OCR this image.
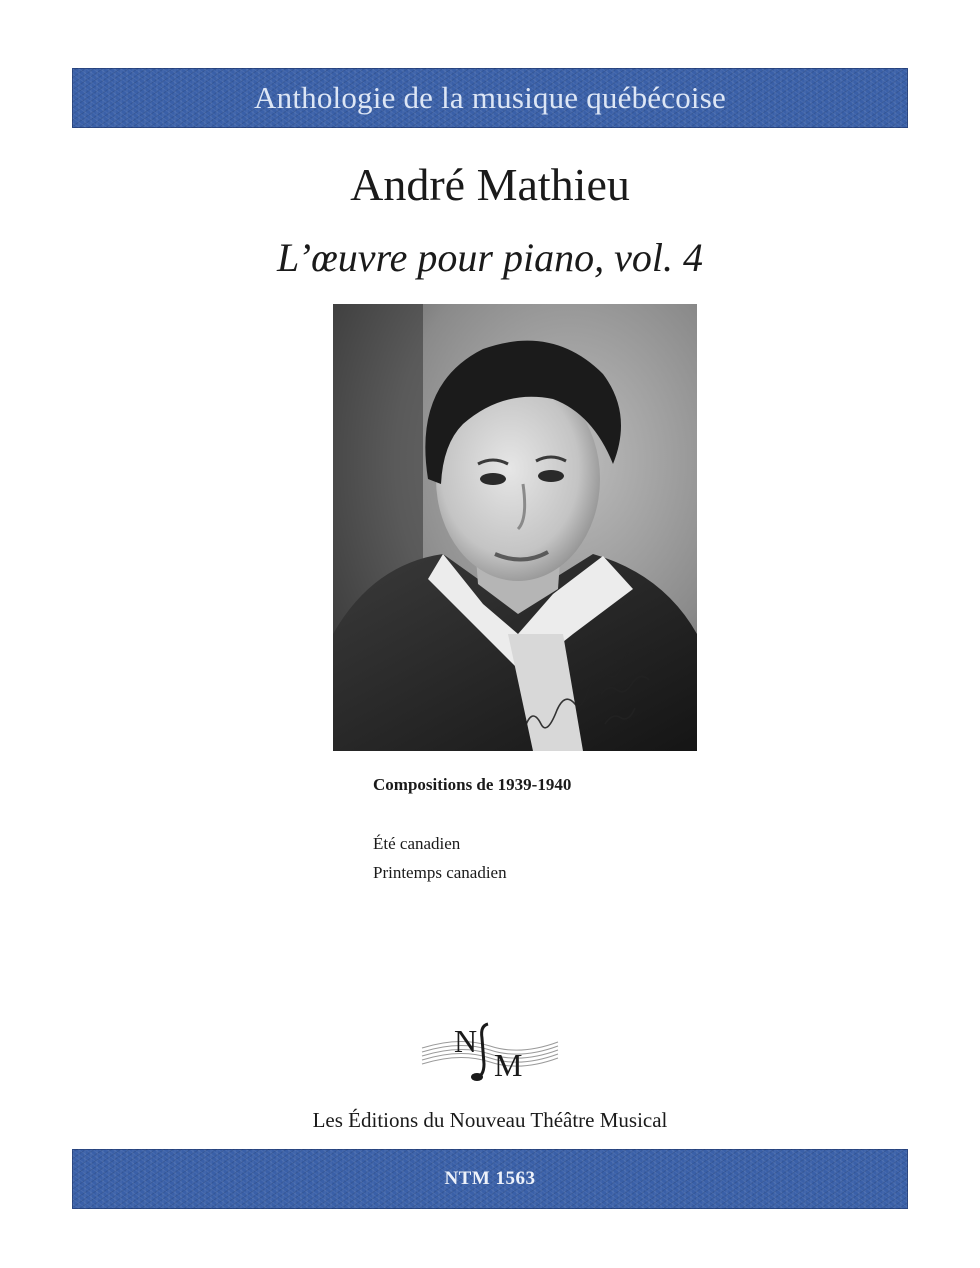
Anthologie de la musique québécoise
André Mathieu
L’œuvre pour piano, vol. 4
Compositions de 1939-1940
Été canadien
Printemps canadien
N
M
Les Éditions du Nouveau Théâtre Musical
NTM 1563
